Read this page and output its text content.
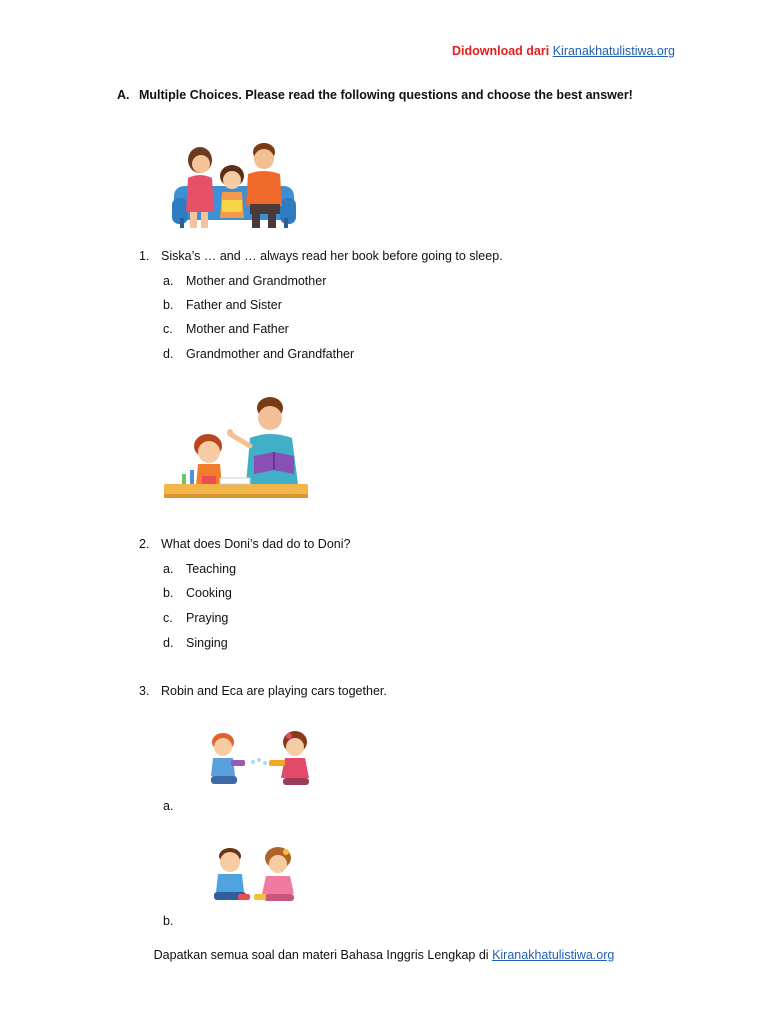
Didownload dari Kiranakhatulistiwa.org
A. Multiple Choices. Please read the following questions and choose the best answer!
1. Siska’s … and … always read her book before going to sleep.
a. Mother and Grandmother
b. Father and Sister
c. Mother and Father
d. Grandmother and Grandfather
2. What does Doni’s dad do to Doni?
a. Teaching
b. Cooking
c. Praying
d. Singing
3. Robin and Eca are playing cars together.
a.
b.
Dapatkan semua soal dan materi Bahasa Inggris Lengkap di Kiranakhatulistiwa.org
